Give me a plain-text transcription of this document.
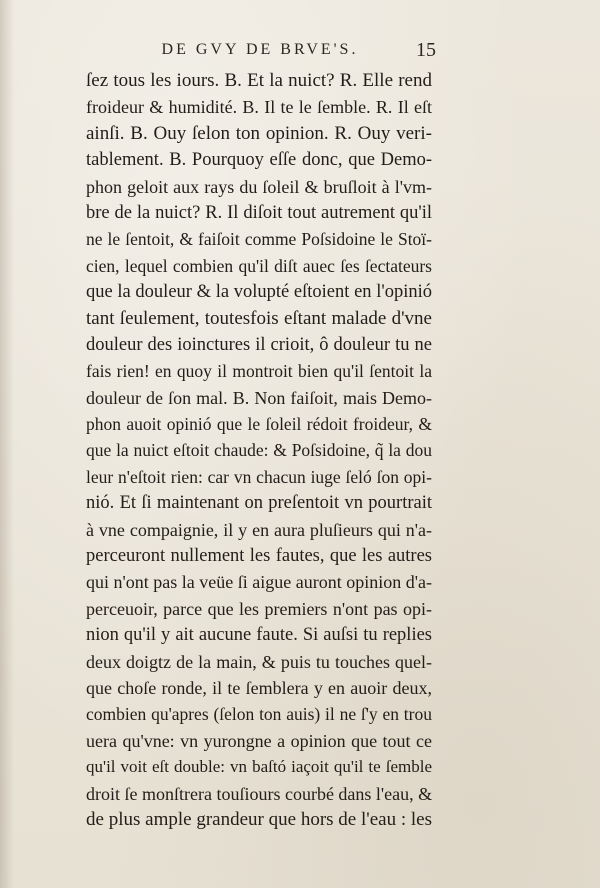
DE GVY DE BRVE'S.	15
ſez tous les iours. B. Et la nuict? R. Elle rend
froideur & humidité. B. Il te le ſemble. R. Il eſt
ainſi. B. Ouy ſelon ton opinion. R. Ouy veri-
tablement. B. Pourquoy eſſe donc, que Demo-
phon geloit aux rays du ſoleil & bruſloit à l'vm-
bre de la nuict? R. Il diſoit tout autrement qu'il
ne le ſentoit, & faiſoit comme Poſsidoine le Stoï-
cien, lequel combien qu'il diſt auec ſes ſectateurs
que la douleur & la volupté eſtoient en l'opinió
tant ſeulement, toutesfois eſtant malade d'vne
douleur des ioinctures il crioit, ô douleur tu ne
fais rien! en quoy il montroit bien qu'il ſentoit la
douleur de ſon mal. B. Non faiſoit, mais Demo-
phon auoit opinió que le ſoleil rédoit froideur, &
que la nuict eſtoit chaude: & Poſsidoine, q̃ la dou
leur n'eſtoit rien: car vn chacun iuge ſeló ſon opi-
nió. Et ſi maintenant on preſentoit vn pourtrait
à vne compaignie, il y en aura pluſieurs qui n'a-
perceuront nullement les fautes, que les autres
qui n'ont pas la veüe ſi aigue auront opinion d'a-
perceuoir, parce que les premiers n'ont pas opi-
nion qu'il y ait aucune faute. Si auſsi tu replies
deux doigtz de la main, & puis tu touches quel-
que choſe ronde, il te ſemblera y en auoir deux,
combien qu'apres (ſelon ton auis) il ne ſ'y en trou
uera qu'vne: vn yurongne a opinion que tout ce
qu'il voit eſt double: vn baſtó iaçoit qu'il te ſemble
droit ſe monſtrera touſiours courbé dans l'eau, &
de plus ample grandeur que hors de l'eau : les
